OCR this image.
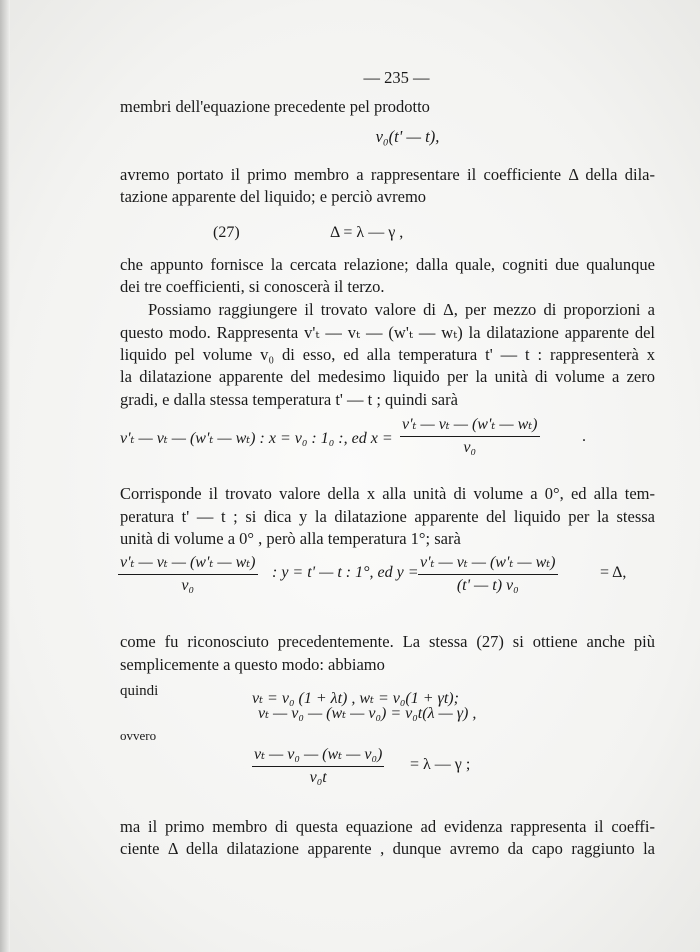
— 235 —
membri dell'equazione precedente pel prodotto
v₀(t' — t),
avremo portato il primo membro a rappresentare il coefficiente Δ della dila-
tazione apparente del liquido; e perciò avremo
(27)	Δ = λ — γ ,
che appunto fornisce la cercata relazione; dalla quale, cogniti due qualunque
dei tre coefficienti, si conoscerà il terzo.
Possiamo raggiungere il trovato valore di Δ, per mezzo di proporzioni a
questo modo. Rappresenta v'ₜ — vₜ — (w'ₜ — wₜ) la dilatazione apparente del
liquido pel volume v₀ di esso, ed alla temperatura t' — t : rappresenterà x
la dilatazione apparente del medesimo liquido per la unità di volume a zero
gradi, e dalla stessa temperatura t' — t ; quindi sarà
v'ₜ — vₜ — (w'ₜ — wₜ) : x = v₀ : 1₀ :, ed $x = \frac{\text{v'ₜ — vₜ — (w'ₜ — wₜ)}}{\text{v₀}}$	.
Corrisponde il trovato valore della x alla unità di volume a 0°, ed alla tem-
peratura t' — t ; si dica y la dilatazione apparente del liquido per la stessa
unità di volume a 0° , però alla temperatura 1°; sarà
$\frac{\text{v'ₜ — vₜ — (w'ₜ — wₜ)}}{\text{v₀}}$ : y = t' — t : 1°, ed $y = \frac{\text{v'ₜ — vₜ — (w'ₜ — wₜ)}}{\text{(t' — t) v₀}}$	= Δ,
come fu riconosciuto precedentemente. La stessa (27) si ottiene anche più
semplicemente a questo modo: abbiamo
vₜ = v₀ (1 + λt) , wₜ = v₀(1 + γt);
quindi
vₜ — v₀ — (wₜ — v₀) = v₀t(λ — γ) ,
ovvero
$\frac{\text{vₜ — v₀ — (wₜ — v₀)}}{\text{v₀t}} = \lambda$ — γ ;
ma il primo membro di questa equazione ad evidenza rappresenta il coeffi-
ciente Δ della dilatazione apparente , dunque avremo da capo raggiunto la
